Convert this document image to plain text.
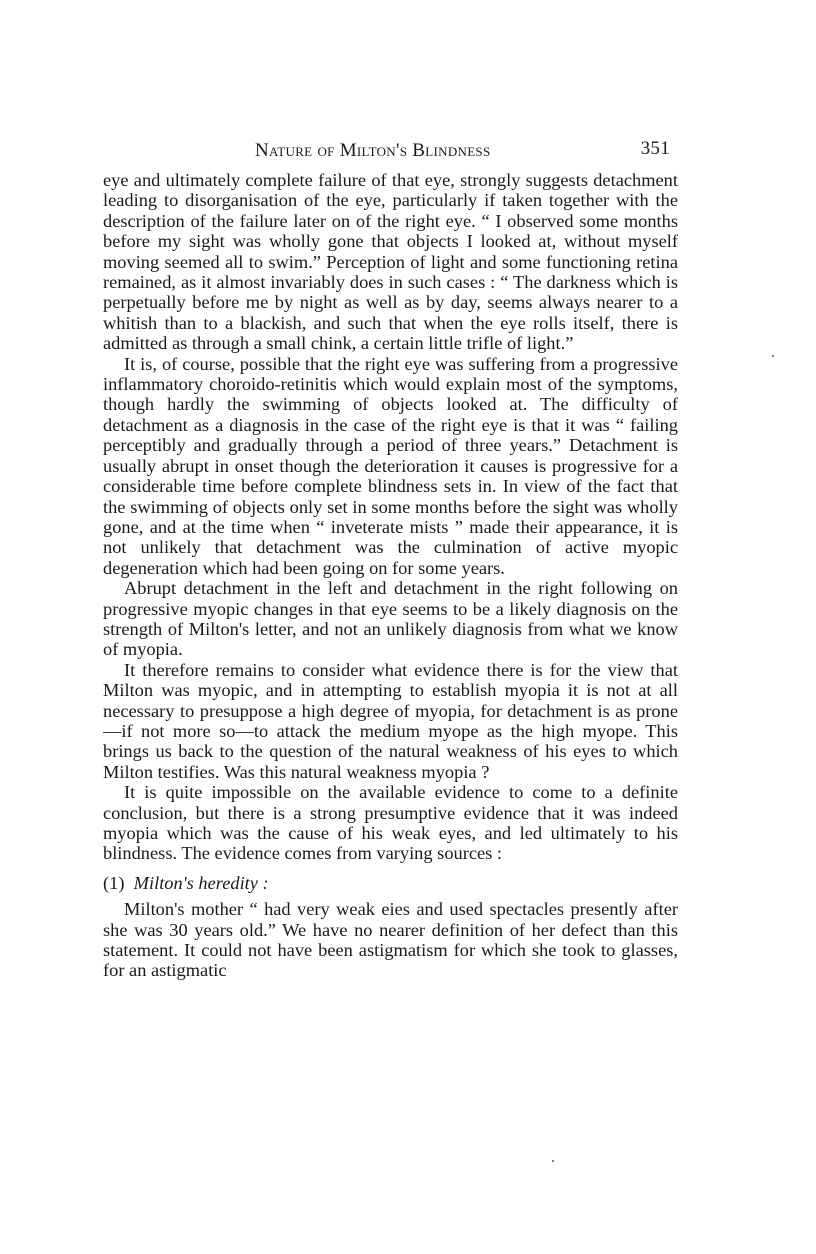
Nature of Milton's Blindness	351

eye and ultimately complete failure of that eye, strongly suggests detachment leading to disorganisation of the eye, particularly if taken together with the description of the failure later on of the right eye. “ I observed some months before my sight was wholly gone that objects I looked at, without myself moving seemed all to swim.” Perception of light and some functioning retina remained, as it almost invariably does in such cases : “ The darkness which is perpetually before me by night as well as by day, seems always nearer to a whitish than to a blackish, and such that when the eye rolls itself, there is admitted as through a small chink, a certain little trifle of light.”

It is, of course, possible that the right eye was suffering from a progressive inflammatory choroido-retinitis which would explain most of the symptoms, though hardly the swimming of objects looked at. The difficulty of detachment as a diagnosis in the case of the right eye is that it was “ failing perceptibly and gradually through a period of three years.” Detachment is usually abrupt in onset though the deterioration it causes is progressive for a considerable time before complete blindness sets in. In view of the fact that the swimming of objects only set in some months before the sight was wholly gone, and at the time when “ inveterate mists ” made their appearance, it is not unlikely that detachment was the culmination of active myopic degeneration which had been going on for some years.

Abrupt detachment in the left and detachment in the right following on progressive myopic changes in that eye seems to be a likely diagnosis on the strength of Milton's letter, and not an unlikely diagnosis from what we know of myopia.

It therefore remains to consider what evidence there is for the view that Milton was myopic, and in attempting to establish myopia it is not at all necessary to presuppose a high degree of myopia, for detachment is as prone—if not more so—to attack the medium myope as the high myope. This brings us back to the question of the natural weakness of his eyes to which Milton testifies. Was this natural weakness myopia ?

It is quite impossible on the available evidence to come to a definite conclusion, but there is a strong presumptive evidence that it was indeed myopia which was the cause of his weak eyes, and led ultimately to his blindness. The evidence comes from varying sources :

(1) Milton's heredity :

Milton's mother “ had very weak eies and used spectacles presently after she was 30 years old.” We have no nearer definition of her defect than this statement. It could not have been astigmatism for which she took to glasses, for an astigmatic
